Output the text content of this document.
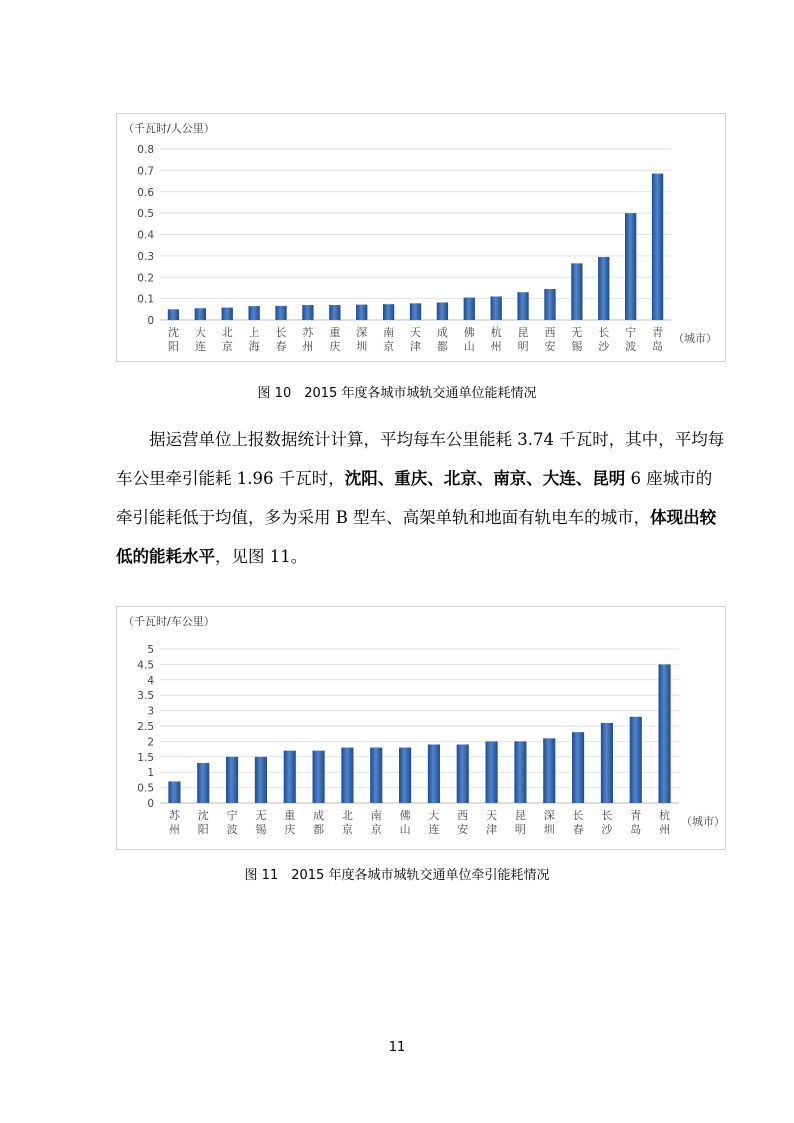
（千瓦时/人公里）
0
0.1
0.2
0.3
0.4
0.5
0.6
0.7
0.8
沈阳
大连
北京
上海
长春
苏州
重庆
深圳
南京
天津
成都
佛山
杭州
昆明
西安
无锡
长沙
宁波
青岛
（城市）
图 10　2015 年度各城市城轨交通单位能耗情况

据运营单位上报数据统计计算，平均每车公里能耗 3.74 千瓦时，其中，平均每车公里牵引能耗 1.96 千瓦时，沈阳、重庆、北京、南京、大连、昆明 6 座城市的牵引能耗低于均值，多为采用 B 型车、高架单轨和地面有轨电车的城市，体现出较低的能耗水平，见图 11。

（千瓦时/车公里）
0
0.5
1
1.5
2
2.5
3
3.5
4
4.5
5
苏州
沈阳
宁波
无锡
重庆
成都
北京
南京
佛山
大连
西安
天津
昆明
深圳
长春
长沙
青岛
杭州
（城市）
图 11　2015 年度各城市城轨交通单位牵引能耗情况
11
